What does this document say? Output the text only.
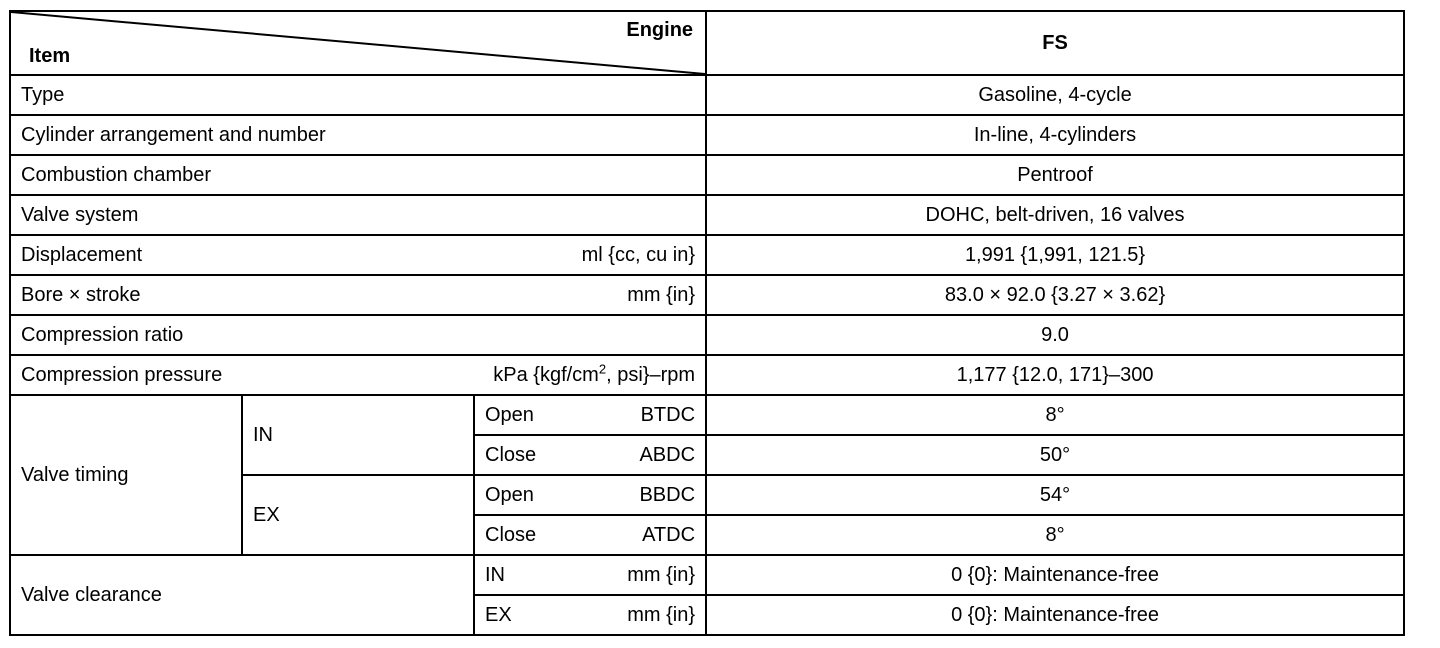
Engine
Item			FS

Type			Gasoline, 4-cycle

Cylinder arrangement and number			In-line, 4-cylinders

Combustion chamber			Pentroof

Valve system			DOHC, belt-driven, 16 valves

Displacement ml {cc, cu in}			1,991 {1,991, 121.5}

Bore × stroke mm {in}			83.0 × 92.0 {3.27 × 3.62}

Compression ratio			9.0

Compression pressure kPa {$kgf/cm^2$, psi}–rpm			1,177 {12.0, 171}–300
Valve timing	IN	Open BTDC	8°

		Close ABDC	50°
	EX	Open BBDC	54°

		Close ATDC	8°
Valve clearance		IN mm {in}	0 {0}: Maintenance-free

		EX mm {in}	0 {0}: Maintenance-free
